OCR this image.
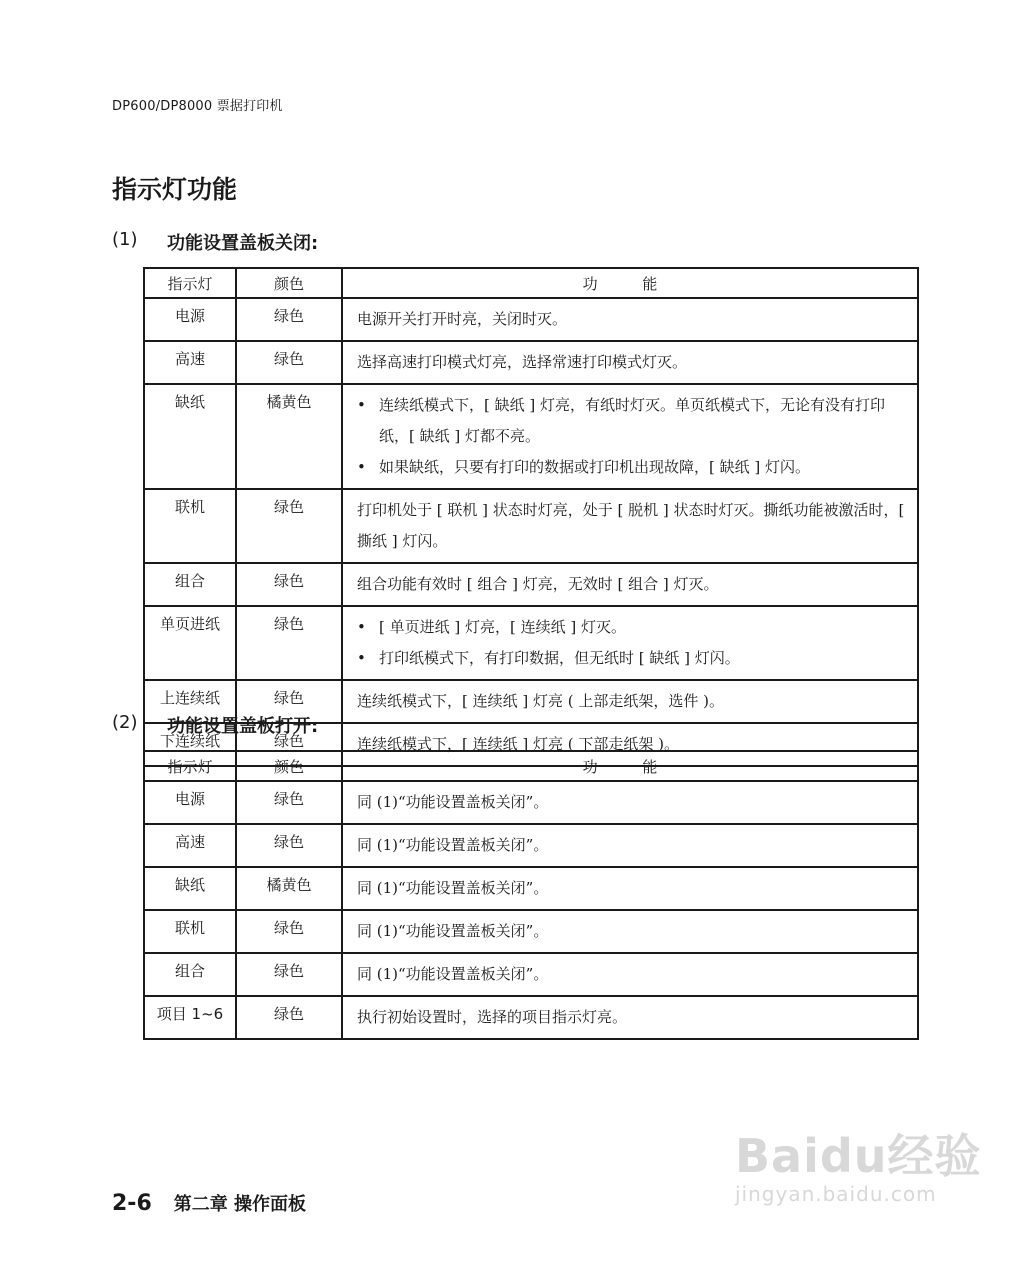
DP600/DP8000 票据打印机
指示灯功能
(1)	功能设置盖板关闭:
指示灯	颜色	功 能
电源	绿色	电源开关打开时亮，关闭时灭。

高速	绿色	选择高速打印模式灯亮，选择常速打印模式灯灭。

缺纸	橘黄色	• 连续纸模式下，[ 缺纸 ] 灯亮，有纸时灯灭。单页纸模式下，无论有没有打印纸，[ 缺纸 ] 灯都不亮。
• 如果缺纸，只要有打印的数据或打印机出现故障，[ 缺纸 ] 灯闪。

联机	绿色	打印机处于 [ 联机 ] 状态时灯亮，处于 [ 脱机 ] 状态时灯灭。撕纸功能被激活时，[ 撕纸 ] 灯闪。

组合	绿色	组合功能有效时 [ 组合 ] 灯亮，无效时 [ 组合 ] 灯灭。

单页进纸	绿色	• [ 单页进纸 ] 灯亮，[ 连续纸 ] 灯灭。
• 打印纸模式下，有打印数据，但无纸时 [ 缺纸 ] 灯闪。

上连续纸	绿色	连续纸模式下，[ 连续纸 ] 灯亮 ( 上部走纸架，选件 )。

下连续纸	绿色	连续纸模式下，[ 连续纸 ] 灯亮 ( 下部走纸架 )。

(2)	功能设置盖板打开:
指示灯	颜色	功 能
电源	绿色	同 (1)“功能设置盖板关闭”。

高速	绿色	同 (1)“功能设置盖板关闭”。

缺纸	橘黄色	同 (1)“功能设置盖板关闭”。

联机	绿色	同 (1)“功能设置盖板关闭”。

组合	绿色	同 (1)“功能设置盖板关闭”。

项目 1~6	绿色	执行初始设置时，选择的项目指示灯亮。

2-6 第二章 操作面板
Baidu经验
jingyan.baidu.com
